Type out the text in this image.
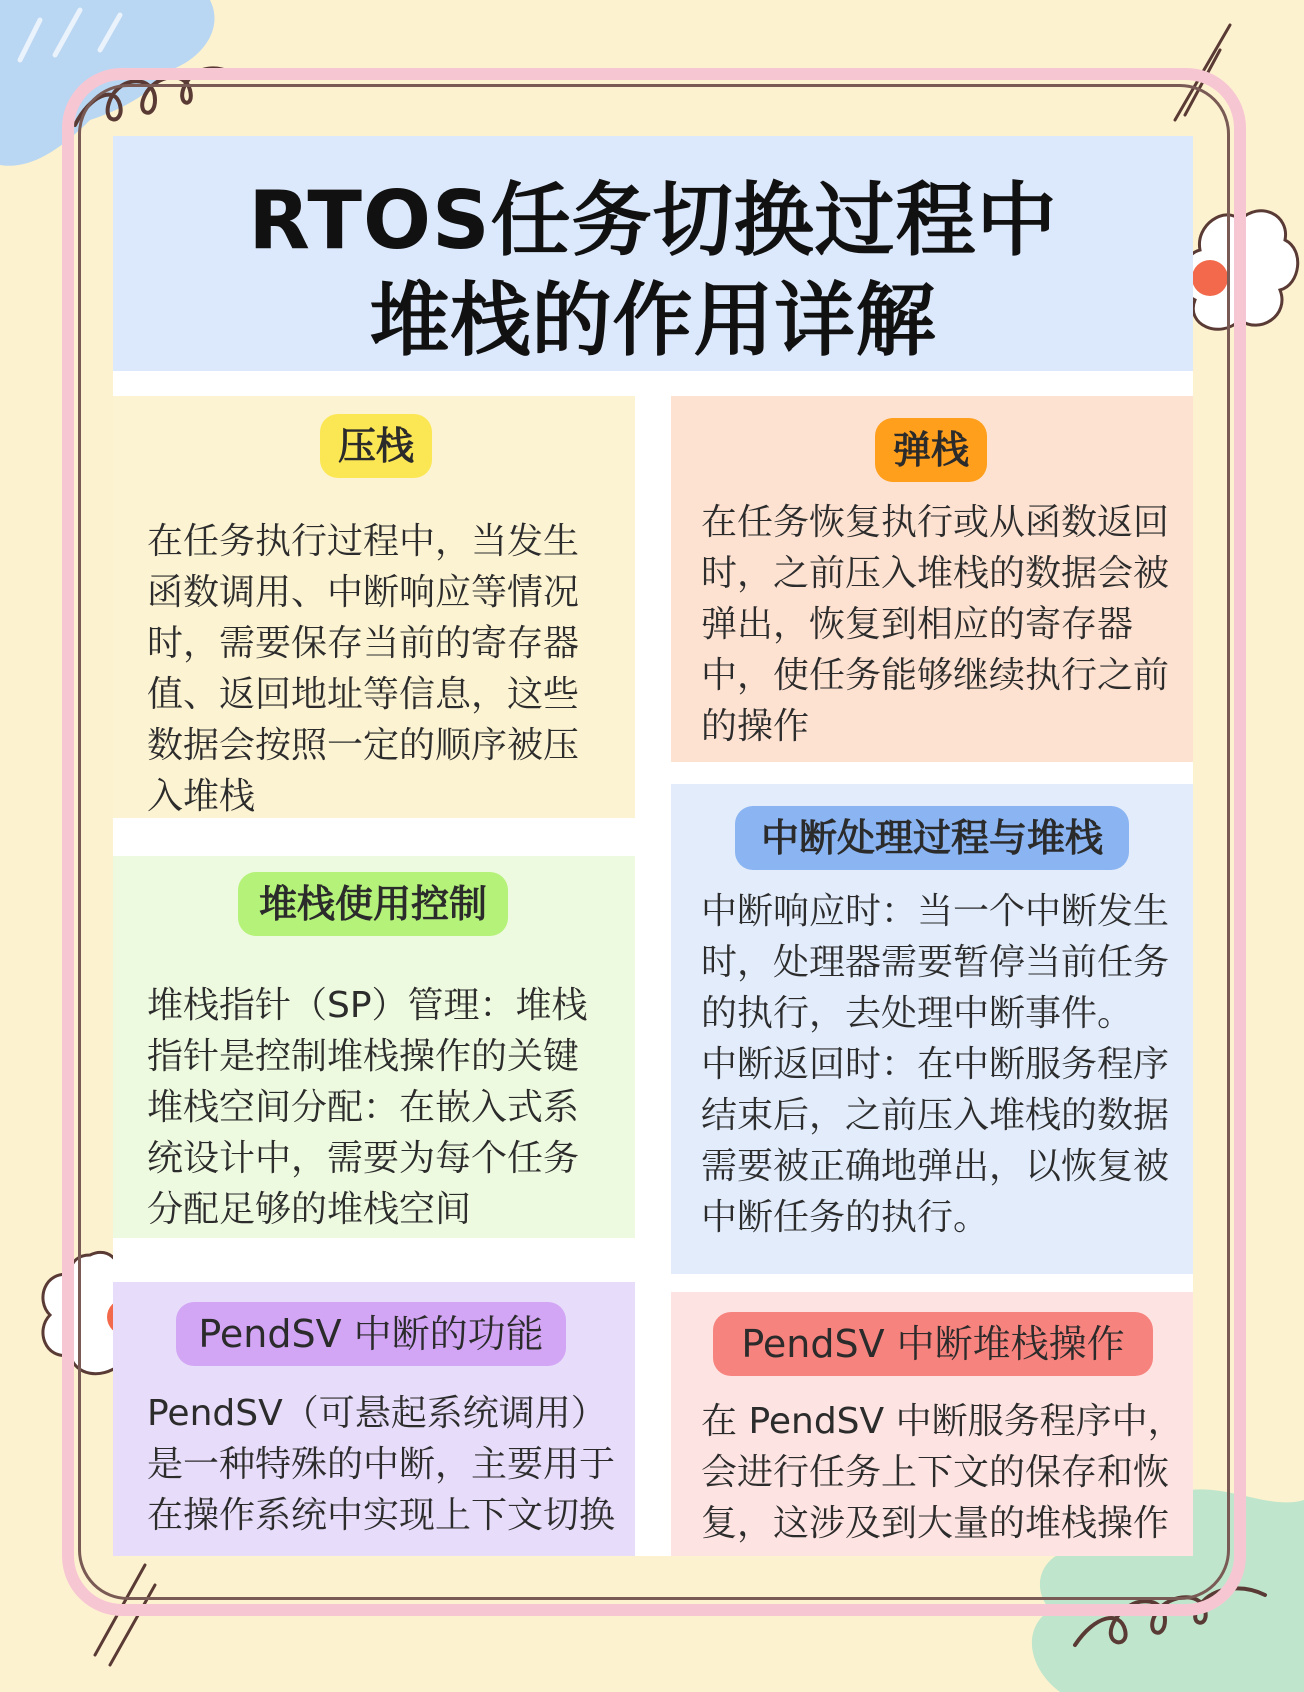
RTOS任务切换过程中
堆栈的作用详解
压栈
在任务执行过程中，当发生
函数调用、中断响应等情况
时，需要保存当前的寄存器
值、返回地址等信息，这些
数据会按照一定的顺序被压
入堆栈
弹栈
在任务恢复执行或从函数返回
时，之前压入堆栈的数据会被
弹出，恢复到相应的寄存器
中，使任务能够继续执行之前
的操作
中断处理过程与堆栈
中断响应时：当一个中断发生
时，处理器需要暂停当前任务
的执行，去处理中断事件。
中断返回时：在中断服务程序
结束后，之前压入堆栈的数据
需要被正确地弹出，以恢复被
中断任务的执行。
堆栈使用控制
堆栈指针（SP）管理：堆栈
指针是控制堆栈操作的关键
堆栈空间分配：在嵌入式系
统设计中，需要为每个任务
分配足够的堆栈空间
PendSV 中断的功能
PendSV（可悬起系统调用）
是一种特殊的中断，主要用于
在操作系统中实现上下文切换
PendSV 中断堆栈操作
在 PendSV 中断服务程序中，
会进行任务上下文的保存和恢
复，这涉及到大量的堆栈操作
